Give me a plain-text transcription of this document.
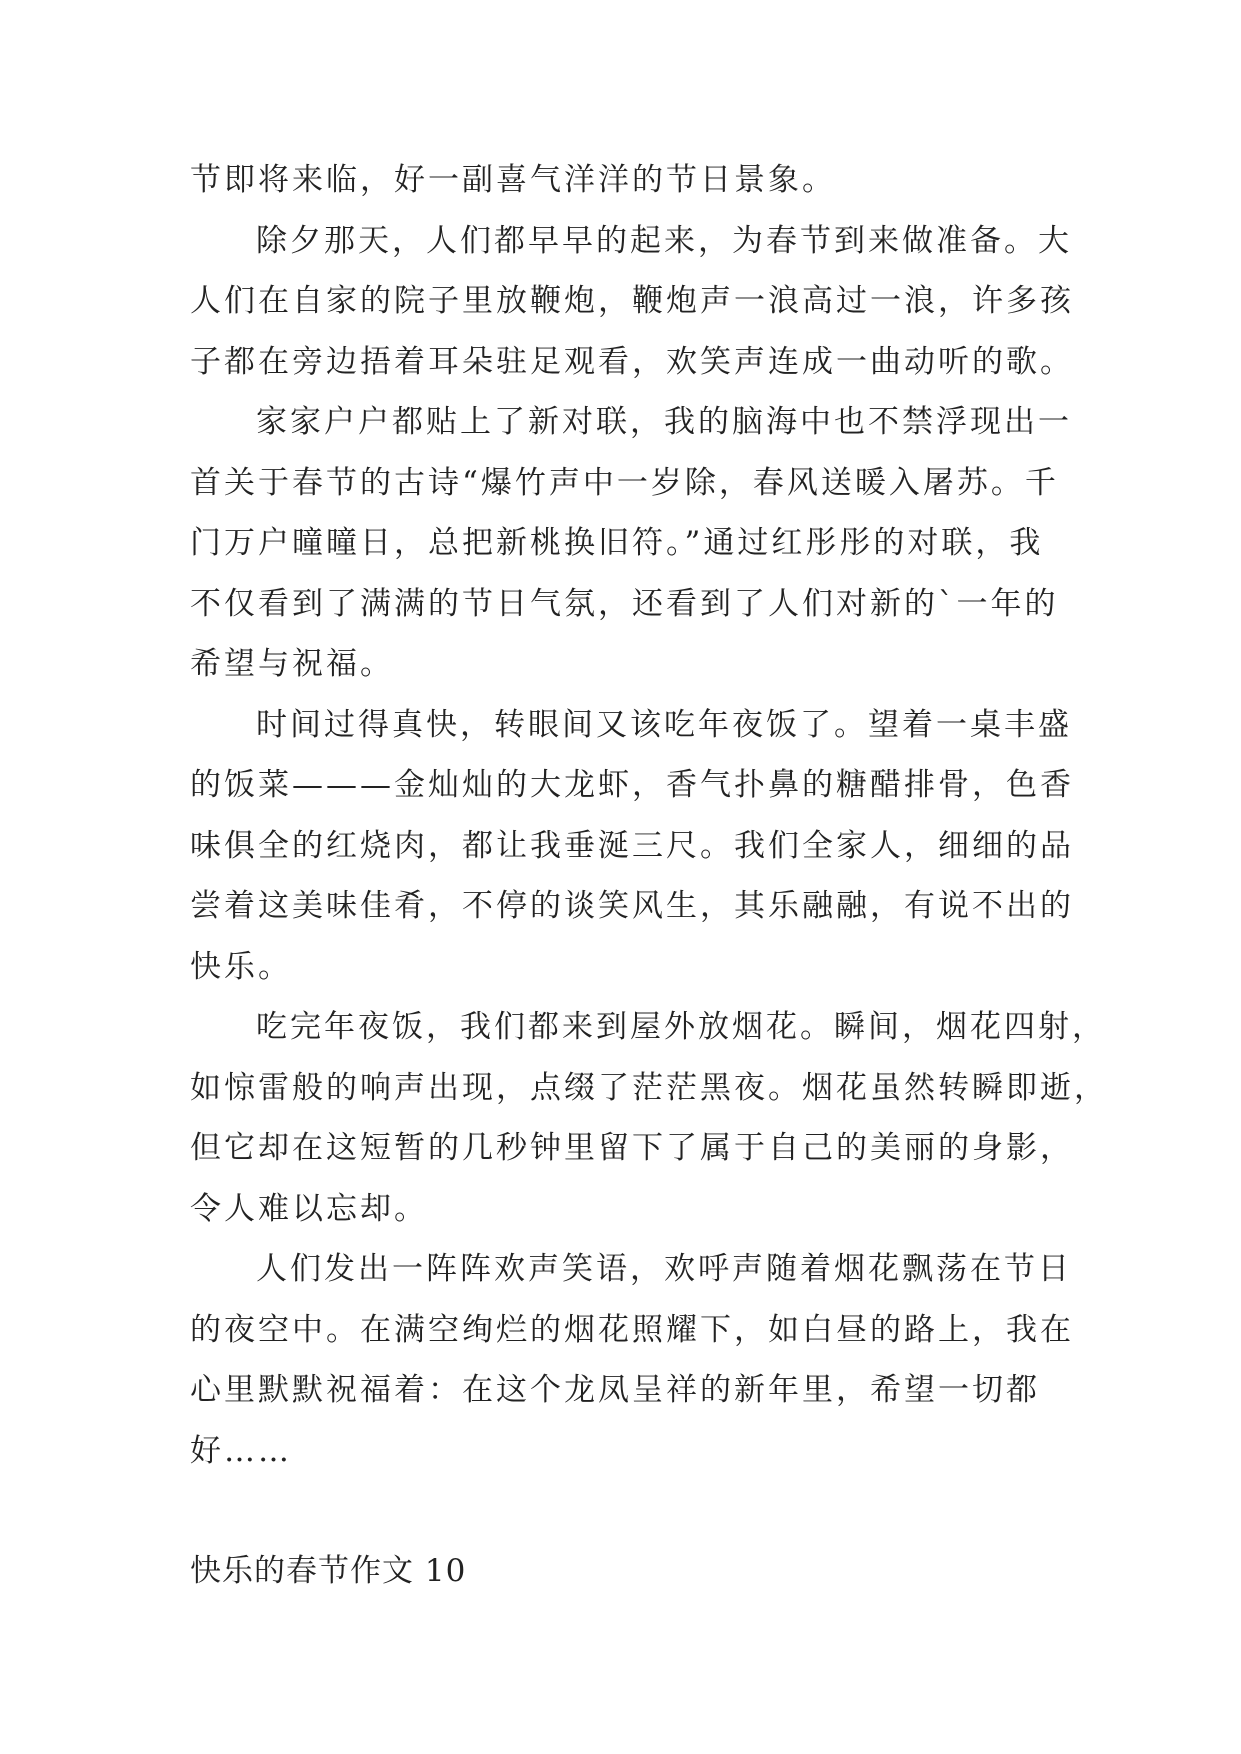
节即将来临，好一副喜气洋洋的节日景象。
除夕那天，人们都早早的起来，为春节到来做准备。大
人们在自家的院子里放鞭炮，鞭炮声一浪高过一浪，许多孩
子都在旁边捂着耳朵驻足观看，欢笑声连成一曲动听的歌。
家家户户都贴上了新对联，我的脑海中也不禁浮现出一
首关于春节的古诗“爆竹声中一岁除，春风送暖入屠苏。千
门万户曈曈日，总把新桃换旧符。”通过红彤彤的对联，我
不仅看到了满满的节日气氛，还看到了人们对新的`一年的
希望与祝福。
时间过得真快，转眼间又该吃年夜饭了。望着一桌丰盛
的饭菜———金灿灿的大龙虾，香气扑鼻的糖醋排骨，色香
味俱全的红烧肉，都让我垂涎三尺。我们全家人，细细的品
尝着这美味佳肴，不停的谈笑风生，其乐融融，有说不出的
快乐。
吃完年夜饭，我们都来到屋外放烟花。瞬间，烟花四射，
如惊雷般的响声出现，点缀了茫茫黑夜。烟花虽然转瞬即逝，
但它却在这短暂的几秒钟里留下了属于自己的美丽的身影，
令人难以忘却。
人们发出一阵阵欢声笑语，欢呼声随着烟花飘荡在节日
的夜空中。在满空绚烂的烟花照耀下，如白昼的路上，我在
心里默默祝福着：在这个龙凤呈祥的新年里，希望一切都
好……
快乐的春节作文 10
